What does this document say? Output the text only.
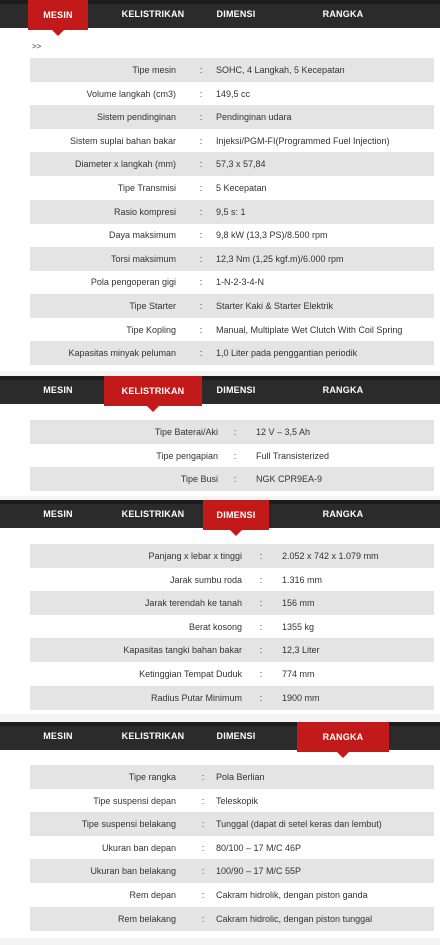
MESIN	KELISTRIKAN	DIMENSI	RANGKA
>>
Tipe mesin	: SOHC, 4 Langkah, 5 Kecepatan
Volume langkah (cm3)	: 149,5 cc
Sistem pendinginan	: Pendinginan udara
Sistem suplai bahan bakar	: Injeksi/PGM-FI(Programmed Fuel Injection)
Diameter x langkah (mm)	: 57,3 x 57,84
Tipe Transmisi	: 5 Kecepatan
Rasio kompresi	: 9,5 s: 1
Daya maksimum	: 9,8 kW (13,3 PS)/8.500 rpm
Torsi maksimum	: 12,3 Nm (1,25 kgf.m)/6.000 rpm
Pola pengoperan gigi	: 1-N-2-3-4-N
Tipe Starter	: Starter Kaki & Starter Elektrik
Tipe Kopling	: Manual, Multiplate Wet Clutch With Coil Spring
Kapasitas minyak peluman	: 1,0 Liter pada penggantian periodik
MESIN	KELISTRIKAN	DIMENSI	RANGKA
Tipe Baterai/Aki : 12 V – 3,5 Ah
Tipe pengapian : Full Transisterized
Tipe Busi : NGK CPR9EA-9
MESIN	KELISTRIKAN	DIMENSI	RANGKA
Panjang x lebar x tinggi : 2.052 x 742 x 1.079 mm
Jarak sumbu roda : 1.316 mm
Jarak terendah ke tanah : 156 mm
Berat kosong : 1355 kg
Kapasitas tangki bahan bakar : 12,3 Liter
Ketinggian Tempat Duduk : 774 mm
Radius Putar Minimum : 1900 mm
MESIN	KELISTRIKAN	DIMENSI	RANGKA
Tipe rangka	: Pola Berlian
Tipe suspensi depan	: Teleskopik
Tipe suspensi belakang	: Tunggal (dapat di setel keras dan lembut)
Ukuran ban depan	: 80/100 – 17 M/C 46P
Ukuran ban belakang	: 100/90 – 17 M/C 55P
Rem depan	: Cakram hidrolik, dengan piston ganda
Rem belakang	: Cakram hidrolic, dengan piston tunggal
